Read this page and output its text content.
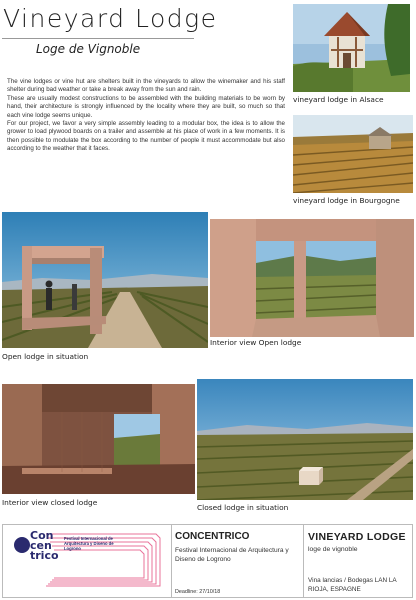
Vineyard Lodge
Loge de Vignoble

The vine lodges or vine hut are shelters built in the vineyards to allow the winemaker and his staff shelter during bad weather or take a break away from the sun and rain.

These are usually modest constructions to be assembled with the building materials to be worn by hand, their architecture is strongly influenced by the locality where they are built, so much so that each vine lodge seems unique.

For our project, we favor a very simple assembly leading to a modular box, the idea is to allow the grower to load plywood boards on a trailer and assemble at his place of work in a few moments. It is then possible to modulate the box according to the number of people it must accommodate but also according to the weather that it faces.

vineyard lodge in Alsace
vineyard lodge in Bourgogne
Open lodge in situation
Interior view Open lodge
Interior view closed lodge
Closed lodge in situation
Con
cen
trico
Festival Internacional de Arquitectura y Diseno de Logrono
CONCENTRICO
Festival Internacional de Arquitectura y Diseno de Logrono
Deadline: 27/10/18
VINEYARD LODGE
loge de vignoble
Vina lancias / Bodegas LAN LA RIOJA, ESPAGNE
